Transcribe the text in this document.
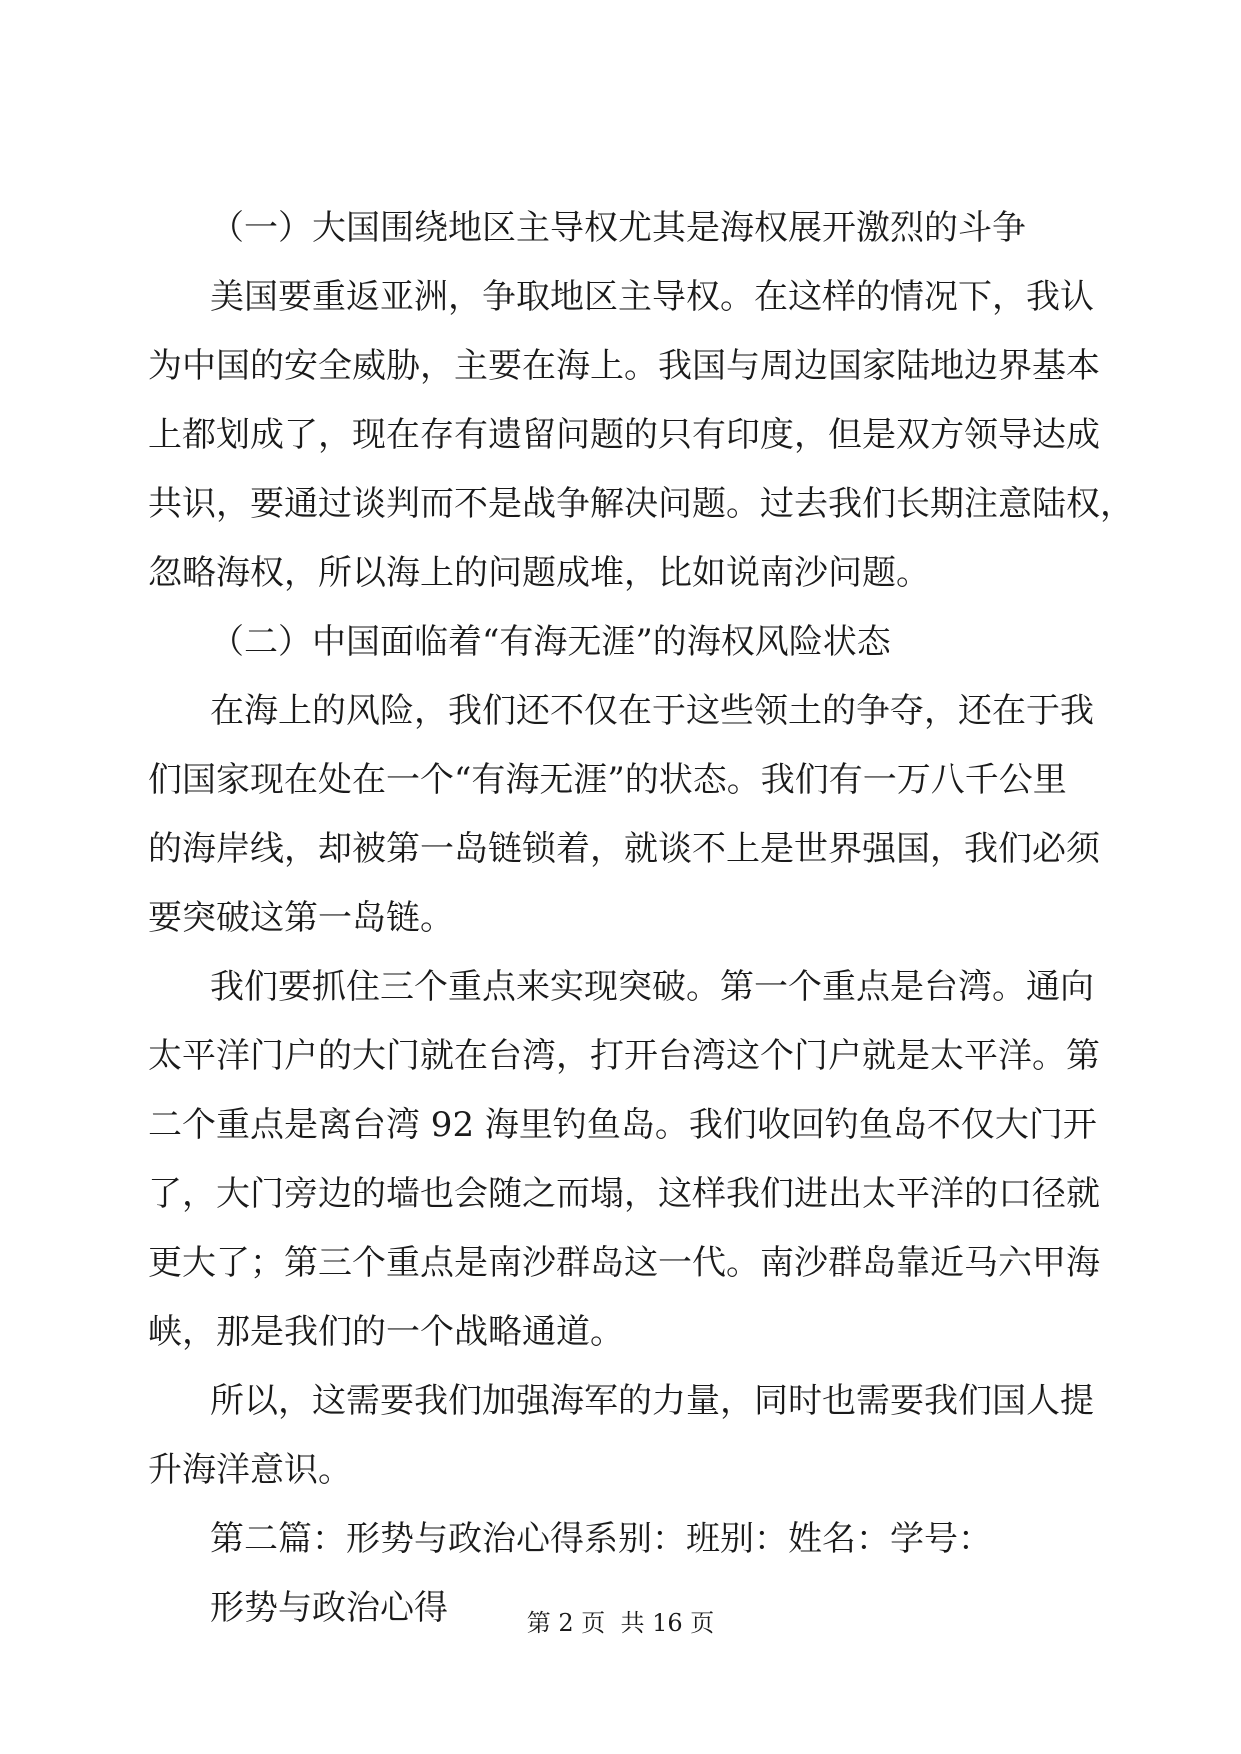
（一）大国围绕地区主导权尤其是海权展开激烈的斗争
美国要重返亚洲，争取地区主导权。在这样的情况下，我认
为中国的安全威胁，主要在海上。我国与周边国家陆地边界基本
上都划成了，现在存有遗留问题的只有印度，但是双方领导达成
共识，要通过谈判而不是战争解决问题。过去我们长期注意陆权，
忽略海权，所以海上的问题成堆，比如说南沙问题。
（二）中国面临着“有海无涯”的海权风险状态
在海上的风险，我们还不仅在于这些领土的争夺，还在于我
们国家现在处在一个“有海无涯”的状态。我们有一万八千公里
的海岸线，却被第一岛链锁着，就谈不上是世界强国，我们必须
要突破这第一岛链。
我们要抓住三个重点来实现突破。第一个重点是台湾。通向
太平洋门户的大门就在台湾，打开台湾这个门户就是太平洋。第
二个重点是离台湾 92 海里钓鱼岛。我们收回钓鱼岛不仅大门开
了，大门旁边的墙也会随之而塌，这样我们进出太平洋的口径就
更大了；第三个重点是南沙群岛这一代。南沙群岛靠近马六甲海
峡，那是我们的一个战略通道。
所以，这需要我们加强海军的力量，同时也需要我们国人提
升海洋意识。
第二篇：形势与政治心得系别：班别：姓名：学号：
形势与政治心得	第 2 页  共 16 页
